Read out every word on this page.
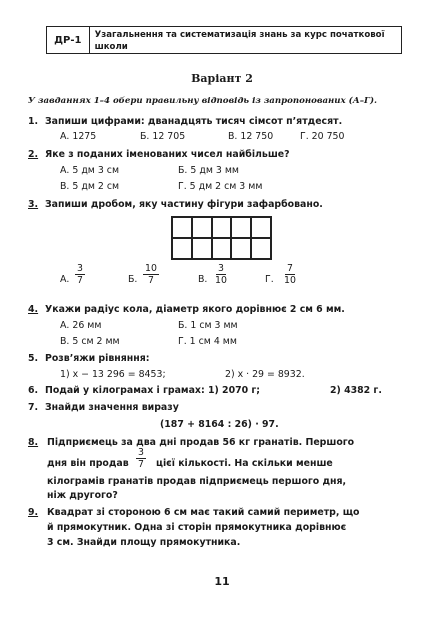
ДР-1	Узагальнення та систематизація знань за курс початкової школи
Варіант 2
У завданнях 1–4 обери правильну відповідь із запропонованих (А–Г).
1. Запиши цифрами: дванадцять тисяч сімсот п’ятдесят.
А. 1275	Б. 12 705	В. 12 750	Г. 20 750
2. Яке з поданих іменованих чисел найбільше?
А. 5 дм 3 см	Б. 5 дм 3 мм
В. 5 дм 2 см	Г. 5 дм 2 см 3 мм
3. Запиши дробом, яку частину фігури зафарбовано.
А. $\frac{3}{7}$	Б. $\frac{10}{7}$	В. $\frac{3}{10}$	Г. $\frac{7}{10}$
4. Укажи радіус кола, діаметр якого дорівнює 2 см 6 мм.
А. 26 мм	Б. 1 см 3 мм
В. 5 см 2 мм	Г. 1 см 4 мм
5. Розв’яжи рівняння:
1) x − 13 296 = 8453;	2) x · 29 = 8932.
6. Подай у кілограмах і грамах: 1) 2070 г;	2) 4382 г.
7. Знайди значення виразу
(187 + 8164 : 26) · 97.
8. Підприємець за два дні продав 56 кг гранатів. Першого
дня він продав $\frac{3}{7}$ цієї кількості. На скільки менше
кілограмів гранатів продав підприємець першого дня,
ніж другого?
9. Квадрат зі стороною 6 см має такий самий периметр, що
й прямокутник. Одна зі сторін прямокутника дорівнює
3 см. Знайди площу прямокутника.
11
